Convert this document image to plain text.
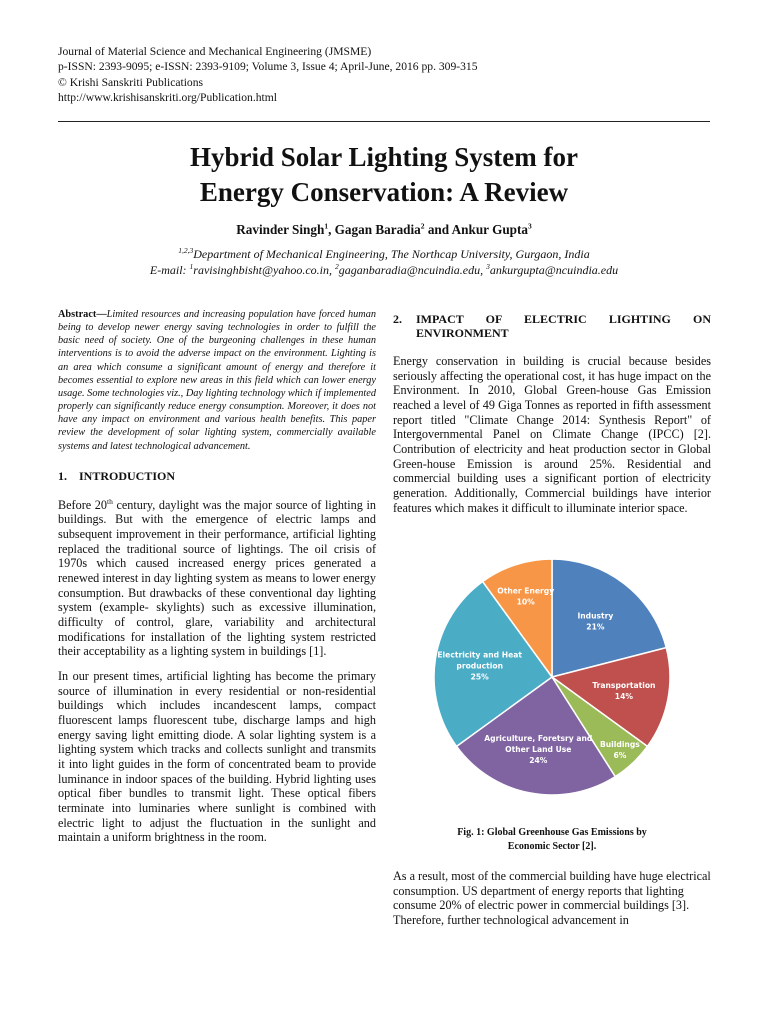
Journal of Material Science and Mechanical Engineering (JMSME)
p-ISSN: 2393-9095; e-ISSN: 2393-9109; Volume 3, Issue 4; April-June, 2016 pp. 309-315
© Krishi Sanskriti Publications
http://www.krishisanskriti.org/Publication.html
Hybrid Solar Lighting System for
Energy Conservation: A Review
Ravinder Singh$^1$, Gagan Baradia$^2$ and Ankur Gupta$^3$
$^{1,2,3}$Department of Mechanical Engineering, The Northcap University, Gurgaon, India
E-mail: $^1$ravisinghbisht@yahoo.co.in, $^2$gaganbaradia@ncuindia.edu, $^3$ankurgupta@ncuindia.edu

Abstract—Limited resources and increasing population have forced human being to develop newer energy saving technologies in order to fulfill the basic need of society. One of the burgeoning challenges in these human interventions is to avoid the adverse impact on the environment. Lighting is an area which consume a significant amount of energy and therefore it becomes essential to explore new areas in this field which can lower energy usage. Some technologies viz., Day lighting technology which if implemented properly can significantly reduce energy consumption. Moreover, it does not have any impact on environment and various health benefits. This paper review the development of solar lighting system, commercially available systems and latest technological advancement.

1. INTRODUCTION

Before 20th century, daylight was the major source of lighting in buildings. But with the emergence of electric lamps and subsequent improvement in their performance, artificial lighting replaced the traditional source of lightings. The oil crisis of 1970s which caused increased energy prices generated a renewed interest in day lighting system as means to lower energy consumption. But drawbacks of these conventional day lighting system (example- skylights) such as excessive illumination, difficulty of control, glare, variability and architectural modifications for installation of the lighting system restricted their acceptability as a lighting system in buildings [1].

In our present times, artificial lighting has become the primary source of illumination in every residential or non-residential buildings which includes incandescent lamps, compact fluorescent lamps fluorescent tube, discharge lamps and high energy saving light emitting diode. A solar lighting system is a lighting system which tracks and collects sunlight and transmits it into light guides in the form of concentrated beam to provide luminance in indoor spaces of the building. Hybrid lighting uses optical fiber bundles to transmit light. These optical fibers terminate into luminaries where sunlight is combined with electric light to adjust the fluctuation in the sunlight and maintain a uniform brightness in the room.

2.	IMPACT OF ELECTRIC LIGHTING ON ENVIRONMENT

Energy conservation in building is crucial because besides seriously affecting the operational cost, it has huge impact on the Environment. In 2010, Global Green-house Gas Emission reached a level of 49 Giga Tonnes as reported in fifth assessment report titled "Climate Change 2014: Synthesis Report" of Intergovernmental Panel on Climate Change (IPCC) [2]. Contribution of electricity and heat production sector in Global Green-house Emission is around 25%. Residential and commercial building uses a significant portion of electricity generation. Additionally, Commercial buildings have interior features which makes it difficult to illuminate interior space.

Industry 21%
Transportation 14%
Buildings 6%
Agriculture, Foretsry and Other Land Use 24%
Electricity and Heat production 25%
Other Energy 10%
Fig. 1: Global Greenhouse Gas Emissions by
Economic Sector [2].

As a result, most of the commercial building have huge electrical consumption. US department of energy reports that lighting consume 20% of electric power in commercial buildings [3]. Therefore, further technological advancement in
